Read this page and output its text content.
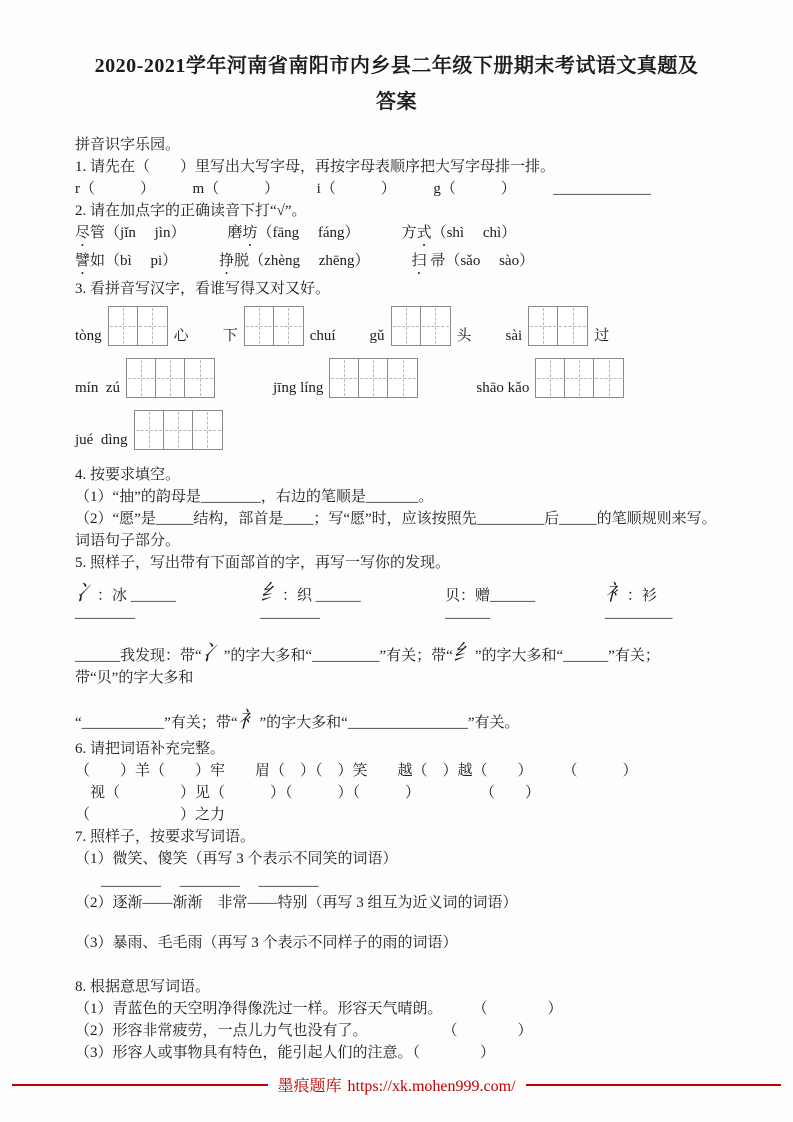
2020-2021学年河南省南阳市内乡县二年级下册期末考试语文真题及
答案
拼音识字乐园。
1. 请先在（　　）里写出大写字母，再按字母表顺序把大写字母排一排。
r（　　　）　　　m（　　　）　　　i（　　　）　　　g（　　　）　　　_____________
2. 请在加点字的正确读音下打“√”。
尽管（jǐn　 jìn）	磨坊（fāng　 fáng）	方式（shì　 chì）
譬如（bì　 pi）	挣脱（zhèng　 zhēng）	扫 帚（sǎo　 sào）
3. 看拼音写汉字，看谁写得又对又好。
tòng	心 下	chuí gǔ	头 sài	过
mín  zú	jīng líng	shāo kǎo
jué  dìng
4. 按要求填空。
（1）“抽”的韵母是________，右边的笔顺是_______。
（2）“愿”是_____结构，部首是____；写“愿”时，应该按照先_________后_____的笔顺规则来写。
词语句子部分。
5. 照样子，写出带有下面部首的字，再写一写你的发现。
冫：冰 ______　 ________
纟：织 ______　 ________
贝：赠______　 ______
衤：衫 _________
______我发现：带“冫”的字大多和“_________”有关；带“纟”的字大多和“______”有关；　带“贝”的字大多和
“___________”有关；带“衤”的字大多和“________________”有关。
6. 请把词语补充完整。
（　　）羊（　　）牢　　眉（　）（　）笑　　越（　）越（　　）　　　（　　　）
　视（　　　　）见（　　　）（　　　）（　　　）　　　　　（　　）
（　　　　　　）之力
7. 照样子，按要求写词语。
（1）微笑、傻笑（再写 3 个表示不同笑的词语）
________　 ________　 ________
（2）逐渐——渐渐　非常——特别（再写 3 组互为近义词的词语）
（3）暴雨、毛毛雨（再写 3 个表示不同样子的雨的词语）
8. 根据意思写词语。
（1）青蓝色的天空明净得像洗过一样。形容天气晴朗。　　　（　　　　）
（2）形容非常疲劳，一点儿力气也没有了。　　　　　　（　　　　）
（3）形容人或事物具有特色，能引起人们的注意。（　　　　）
墨痕题库 https://xk.mohen999.com/
